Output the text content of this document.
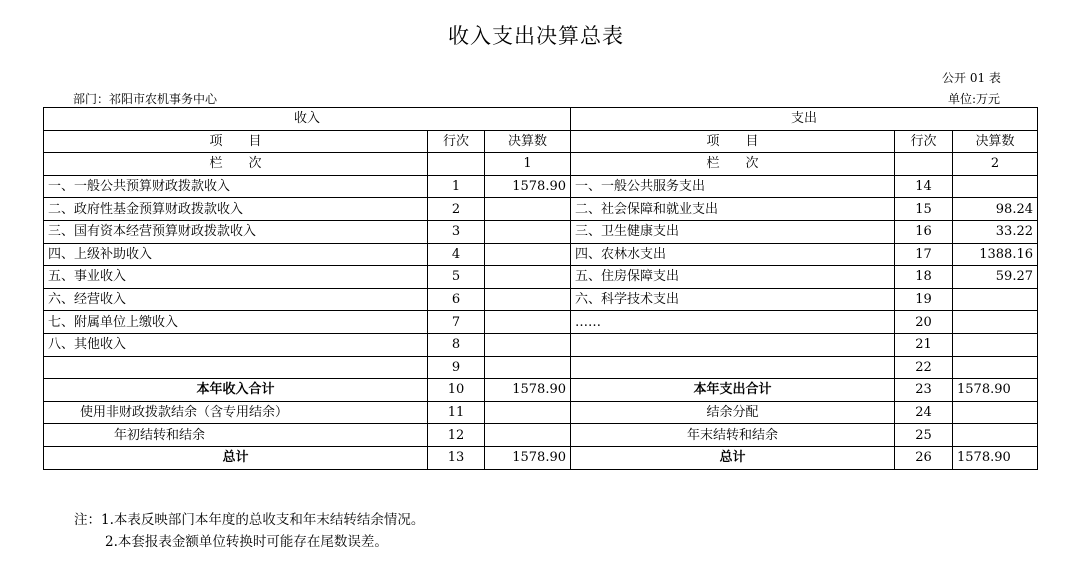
收入支出决算总表
公开 01 表
部门：祁阳市农机事务中心	单位:万元
收入			支出		
项　　目	行次	决算数	项　　目	行次	决算数
栏　　次		1	栏　　次		2
一、一般公共预算财政拨款收入	1	1578.90	一、一般公共服务支出	14	
二、政府性基金预算财政拨款收入	2		二、社会保障和就业支出	15	98.24
三、国有资本经营预算财政拨款收入	3		三、卫生健康支出	16	33.22
四、上级补助收入	4		四、农林水支出	17	1388.16
五、事业收入	5		五、住房保障支出	18	59.27
六、经营收入	6		六、科学技术支出	19	
七、附属单位上缴收入	7		……	20	
八、其他收入	8			21	
	9			22	
本年收入合计	10	1578.90	本年支出合计	23	1578.90
使用非财政拨款结余（含专用结余）	11		结余分配	24	
年初结转和结余	12		年末结转和结余	25	
总计	13	1578.90	总计	26	1578.90
注：1.本表反映部门本年度的总收支和年末结转结余情况。
2.本套报表金额单位转换时可能存在尾数误差。
